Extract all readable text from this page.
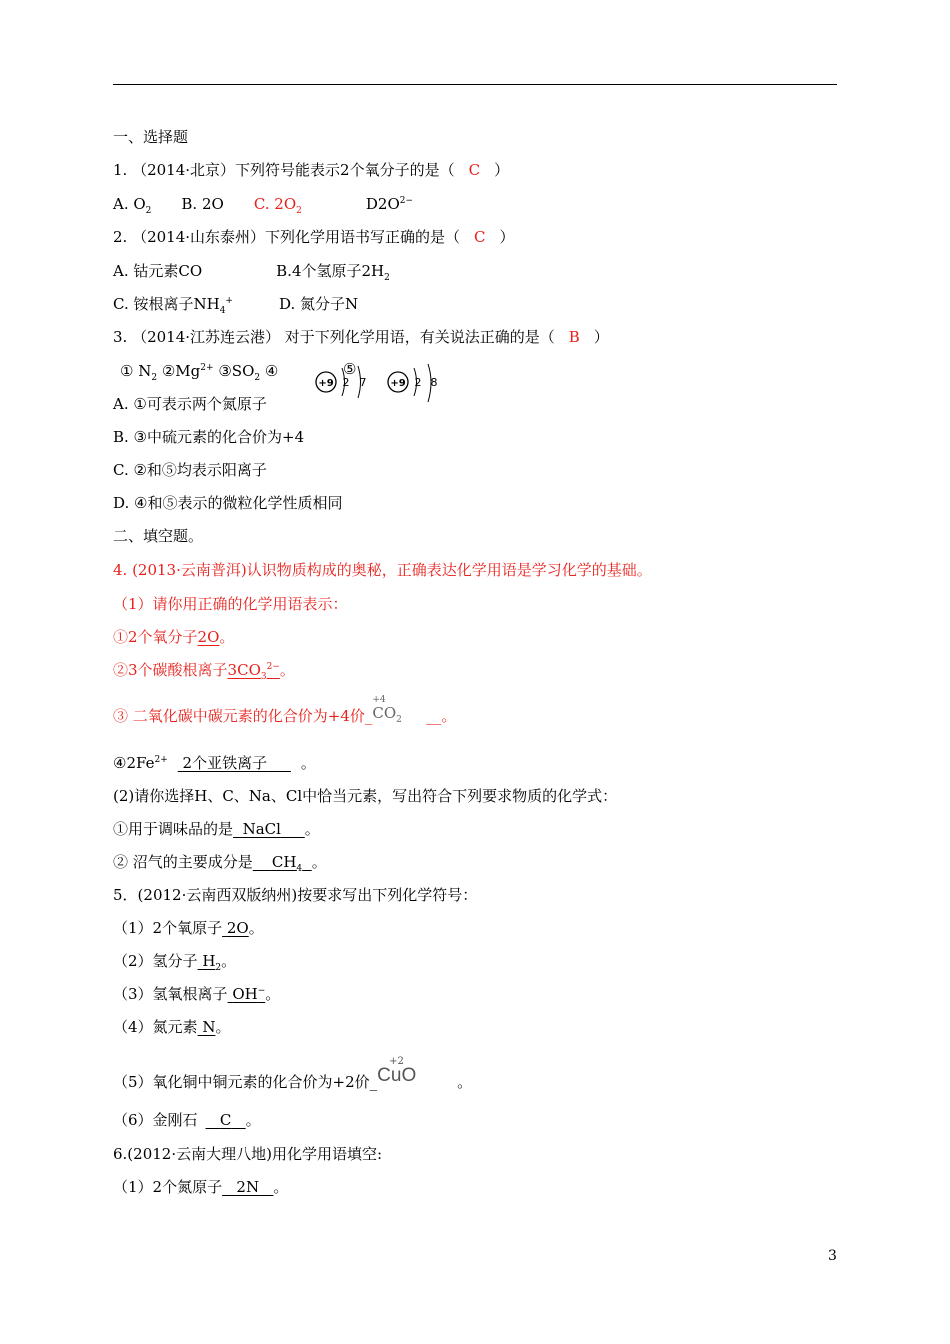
一、选择题
1. （2014·北京）下列符号能表示2个氧分子的是（ C ）
A. $O_2$ B. 2O C. $2O_2$	$D2O^{2-}$
2. （2014·山东泰州）下列化学用语书写正确的是（ C ）
A. 钴元素CO	B.4个氢原子$2H_2$
C. 铵根离子$NH_4^+$	D. 氮分子N
3. （2014·江苏连云港） 对于下列化学用语，有关说法正确的是（ B ）
① $N_2$ $②Mg^{2+}$ $③SO_2$ ④	⑤
+9 2 7 +9 2 8
A. ①可表示两个氮原子
B. ③中硫元素的化合价为+4
C. ②和⑤均表示阳离子
D. ④和⑤表示的微粒化学性质相同
二、填空题。
4. (2013·云南普洱)认识物质构成的奥秘，正确表达化学用语是学习化学的基础。
（1）请你用正确的化学用语表示：
①2个氧分子2O。
②3个碳酸根离子$3CO_3^{2-}$。
③ 二氧化碳中碳元素的化合价为+4价_
+4
$CO_2$ __。
$④2Fe^{2+}$ 2个亚铁离子 。
(2)请你选择H、C、Na、Cl中恰当元素，写出符合下列要求物质的化学式：
①用于调味品的是 NaCl 。
② 沼气的主要成分是 $CH_4$ 。
5．(2012·云南西双版纳州)按要求写出下列化学符号：
（1）2个氧原子 2O。
（2）氢分子 $H_2$。
（3）氢氧根离子 OH−。
（4）氮元素 N。
（5）氧化铜中铜元素的化合价为+2价_
+2
CuO	。
（6）金刚石 C 。
6.(2012·云南大理八地)用化学用语填空:
（1）2个氮原子 2N 。
3
